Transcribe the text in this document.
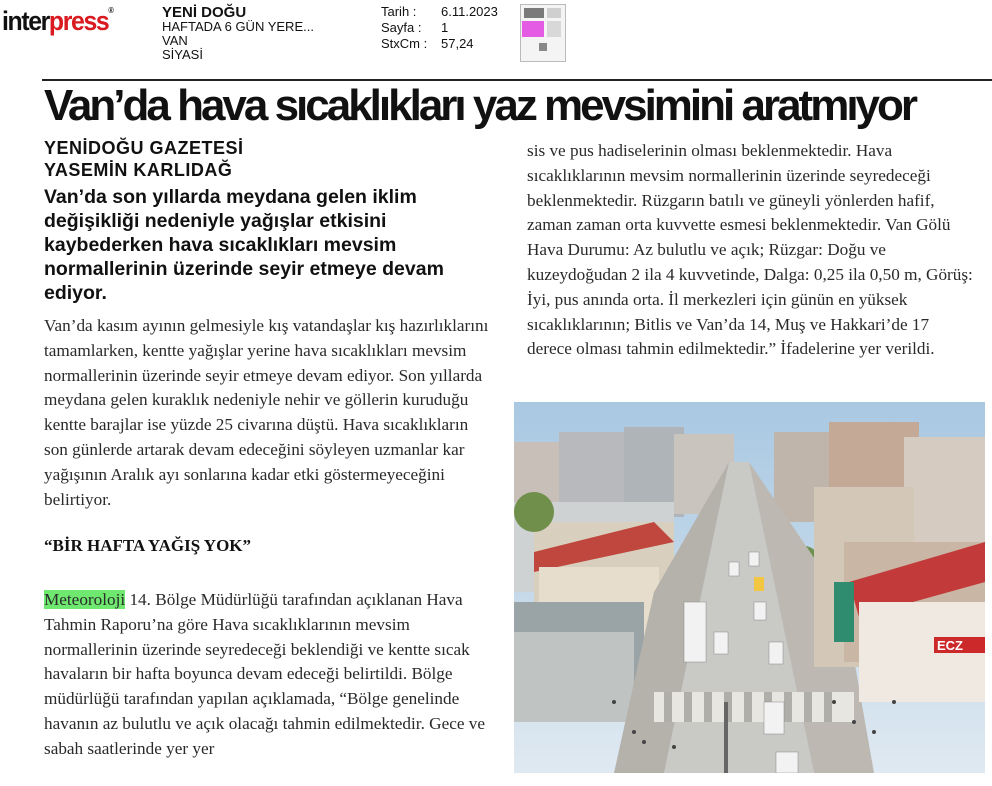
interpress®	YENİ DOĞU
HAFTADA 6 GÜN YERE...
VAN
SİYASİ
Tarih :	6.11.2023
Sayfa :	1
StxCm :	57,24
Van’da hava sıcaklıkları yaz mevsimini aratmıyor
YENİDOĞU GAZETESİ
YASEMİN KARLIDAĞ
Van’da son yıllarda meydana gelen iklim değişikliği nedeniyle yağışlar etkisini kaybederken hava sıcaklıkları mevsim normallerinin üzerinde seyir etmeye devam ediyor.

Van’da kasım ayının gelmesiyle kış vatandaşlar kış hazırlıklarını tamamlarken, kentte yağışlar yerine hava sıcaklıkları mevsim normallerinin üzerinde seyir etmeye devam ediyor. Son yıllarda meydana gelen kuraklık nedeniyle nehir ve göllerin kuruduğu kentte barajlar ise yüzde 25 civarına düştü. Hava sıcaklıkların son günlerde artarak devam edeceğini söyleyen uzmanlar kar yağışının Aralık ayı sonlarına kadar etki göstermeyeceğini belirtiyor.

“BİR HAFTA YAĞIŞ YOK”

Meteoroloji 14. Bölge Müdürlüğü tarafından açıklanan Hava Tahmin Raporu’na göre Hava sıcaklıklarının mevsim normallerinin üzerinde seyredeceği beklendiği ve kentte sıcak havaların bir hafta boyunca devam edeceği belirtildi. Bölge müdürlüğü tarafından yapılan açıklamada, “Bölge genelinde havanın az bulutlu ve açık olacağı tahmin edilmektedir. Gece ve sabah saatlerinde yer yer

sis ve pus hadiselerinin olması beklenmektedir. Hava sıcaklıklarının mevsim normallerinin üzerinde seyredeceği beklenmektedir. Rüzgarın batılı ve güneyli yönlerden hafif, zaman zaman orta kuvvette esmesi beklenmektedir. Van Gölü Hava Durumu: Az bulutlu ve açık; Rüzgar: Doğu ve kuzeydoğudan 2 ila 4 kuvvetinde, Dalga: 0,25 ila 0,50 m, Görüş: İyi, pus anında orta. İl merkezleri için günün en yüksek sıcaklıklarının; Bitlis ve Van’da 14, Muş ve Hakkari’de 17 derece olması tahmin edilmektedir.” İfadelerine yer verildi.

ECZ
